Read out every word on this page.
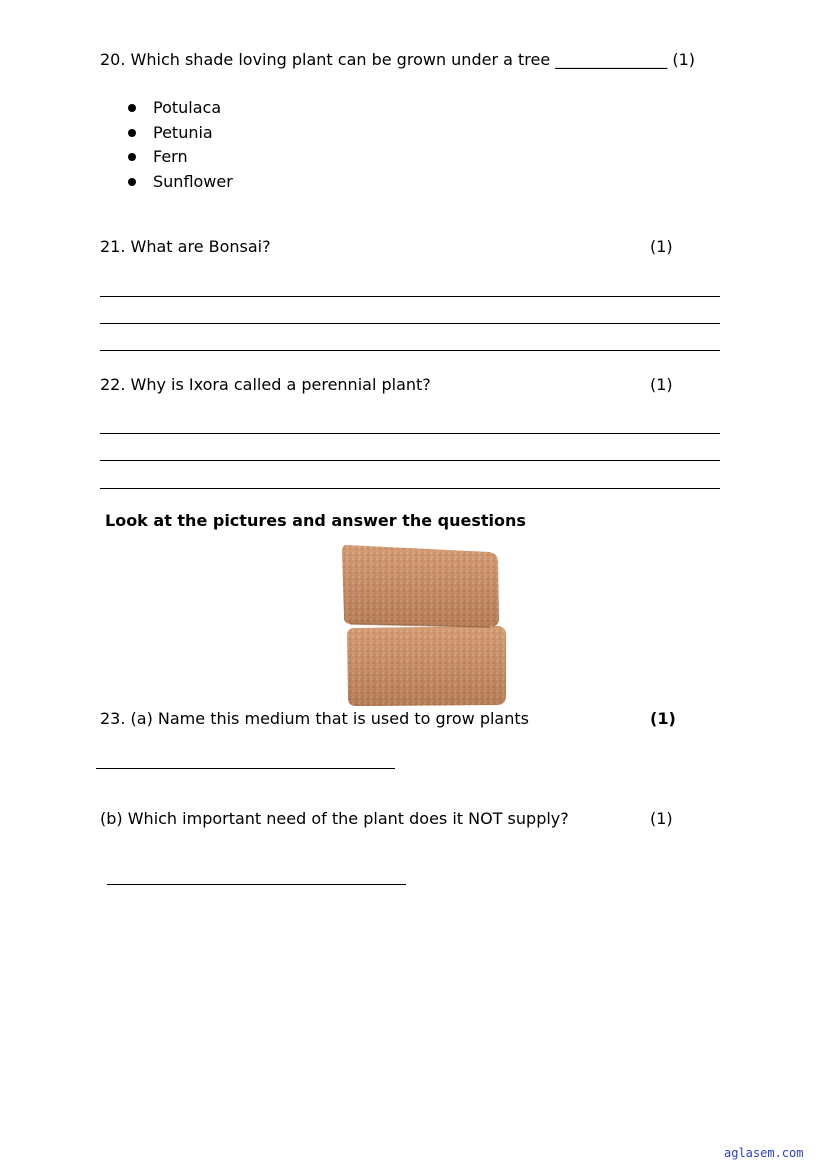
20. Which shade loving plant can be grown under a tree ______________ (1)
Potulaca
Petunia
Fern
Sunflower
21. What are Bonsai?	(1)
22. Why is Ixora called a perennial plant?	(1)
Look at the pictures and answer the questions
23. (a) Name this medium that is used to grow plants	(1)
(b) Which important need of the plant does it NOT supply?	(1)
aglasem.com
